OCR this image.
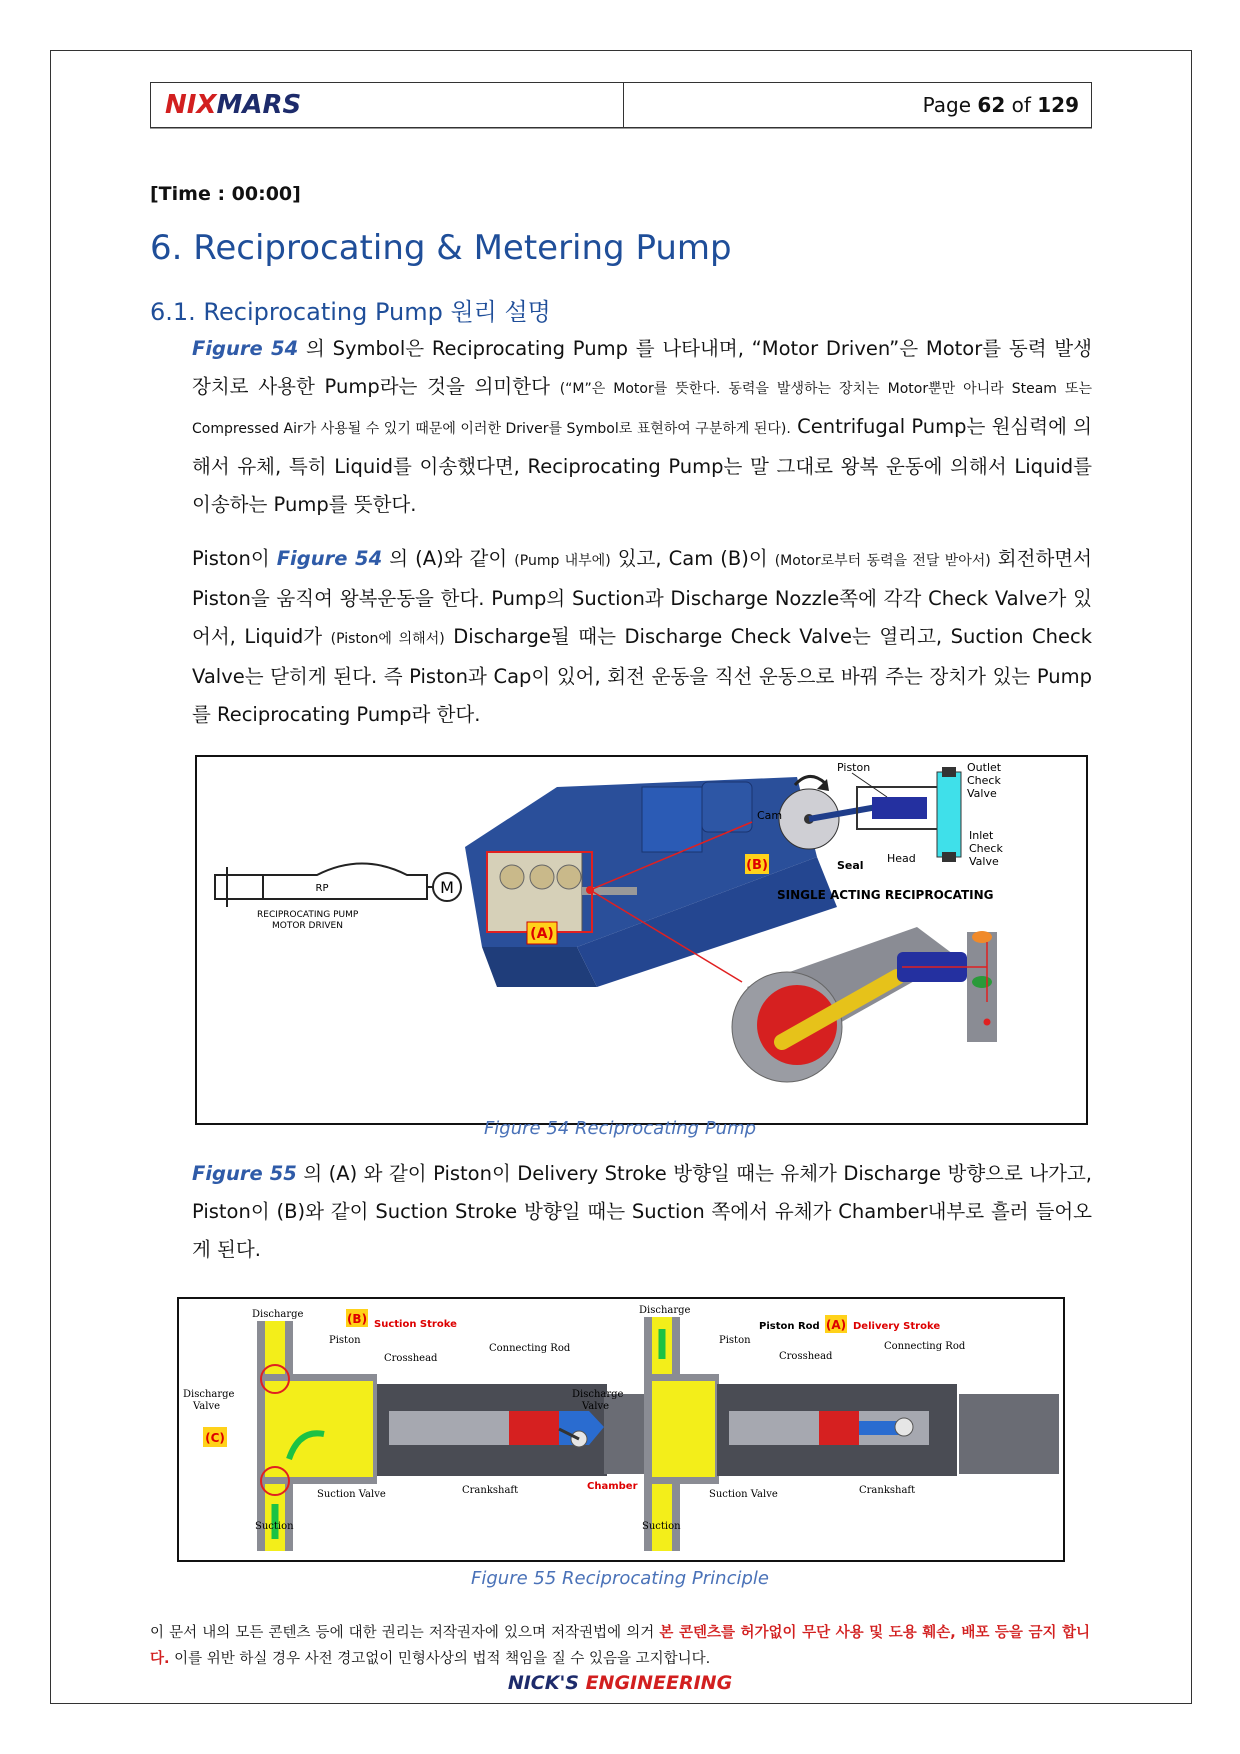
NIXMARS	Page
62
of
129
[Time : 00:00]
6. Reciprocating & Metering Pump
6.1. Reciprocating Pump 원리 설명
Figure 54 의 Symbol은 Reciprocating Pump 를 나타내며, “Motor Driven”은 Motor를 동력 발생 장치로 사용한 Pump라는 것을 의미한다 (“M”은 Motor를 뜻한다. 동력을 발생하는 장치는 Motor뿐만 아니라 Steam 또는 Compressed Air가 사용될 수 있기 때문에 이러한 Driver를 Symbol로 표현하여 구분하게 된다). Centrifugal Pump는 원심력에 의해서 유체, 특히 Liquid를 이송했다면, Reciprocating Pump는 말 그대로 왕복 운동에 의해서 Liquid를 이송하는 Pump를 뜻한다.
Piston이 Figure 54 의 (A)와 같이 (Pump 내부에) 있고, Cam (B)이 (Motor로부터 동력을 전달 받아서) 회전하면서 Piston을 움직여 왕복운동을 한다. Pump의 Suction과 Discharge Nozzle쪽에 각각 Check Valve가 있어서, Liquid가 (Piston에 의해서) Discharge될 때는 Discharge Check Valve는 열리고, Suction Check Valve는 닫히게 된다. 즉 Piston과 Cap이 있어, 회전 운동을 직선 운동으로 바꿔 주는 장치가 있는 Pump를 Reciprocating Pump라 한다.
M
RP
RECIPROCATING PUMP
MOTOR DRIVEN	(A)
Piston
Cam
Seal
Head
Outlet
Check
Valve
Inlet
Check
Valve
(B)
SINGLE ACTING RECIPROCATING
Figure 54 Reciprocating Pump
Figure 55 의 (A) 와 같이 Piston이 Delivery Stroke 방향일 때는 유체가 Discharge 방향으로 나가고, Piston이 (B)와 같이 Suction Stroke 방향일 때는 Suction 쪽에서 유체가 Chamber내부로 흘러 들어오게 된다.
Discharge	(B) Suction Stroke
Piston
Connecting Rod
Crosshead
Discharge
Valve
(C)
Suction Valve	Crankshaft
Suction
Discharge
Piston Rod (A) Delivery Stroke
Piston
Connecting Rod
Crosshead
Discharge
Valve
Chamber
Suction Valve	Crankshaft
Suction
Figure 55 Reciprocating Principle
이 문서 내의 모든 콘텐츠 등에 대한 권리는 저작권자에 있으며 저작권법에 의거 본 콘텐츠를 허가없이 무단 사용 및 도용 훼손, 배포 등을 금지 합니다. 이를 위반 하실 경우 사전 경고없이 민형사상의 법적 책임을 질 수 있음을 고지합니다.
NICK'S ENGINEERING
